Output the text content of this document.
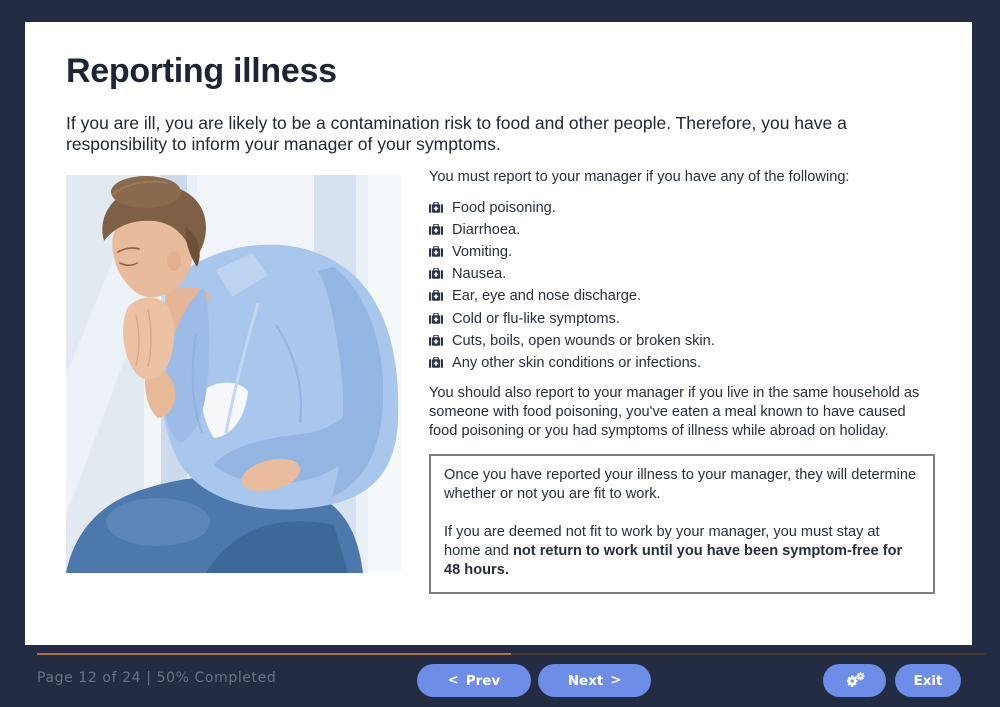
Reporting illness

If you are ill, you are likely to be a contamination risk to food and other people. Therefore, you have a responsibility to inform your manager of your symptoms.

You must report to your manager if you have any of the following:

Food poisoning.
Diarrhoea.
Vomiting.
Nausea.
Ear, eye and nose discharge.
Cold or flu-like symptoms.
Cuts, boils, open wounds or broken skin.
Any other skin conditions or infections.

You should also report to your manager if you live in the same household as someone with food poisoning, you've eaten a meal known to have caused food poisoning or you had symptoms of illness while abroad on holiday.

Once you have reported your illness to your manager, they will determine whether or not you are fit to work.

If you are deemed not fit to work by your manager, you must stay at home and not return to work until you have been symptom-free for 48 hours.

Page 12 of 24 | 50% Completed	< Prev	Next >	Exit
